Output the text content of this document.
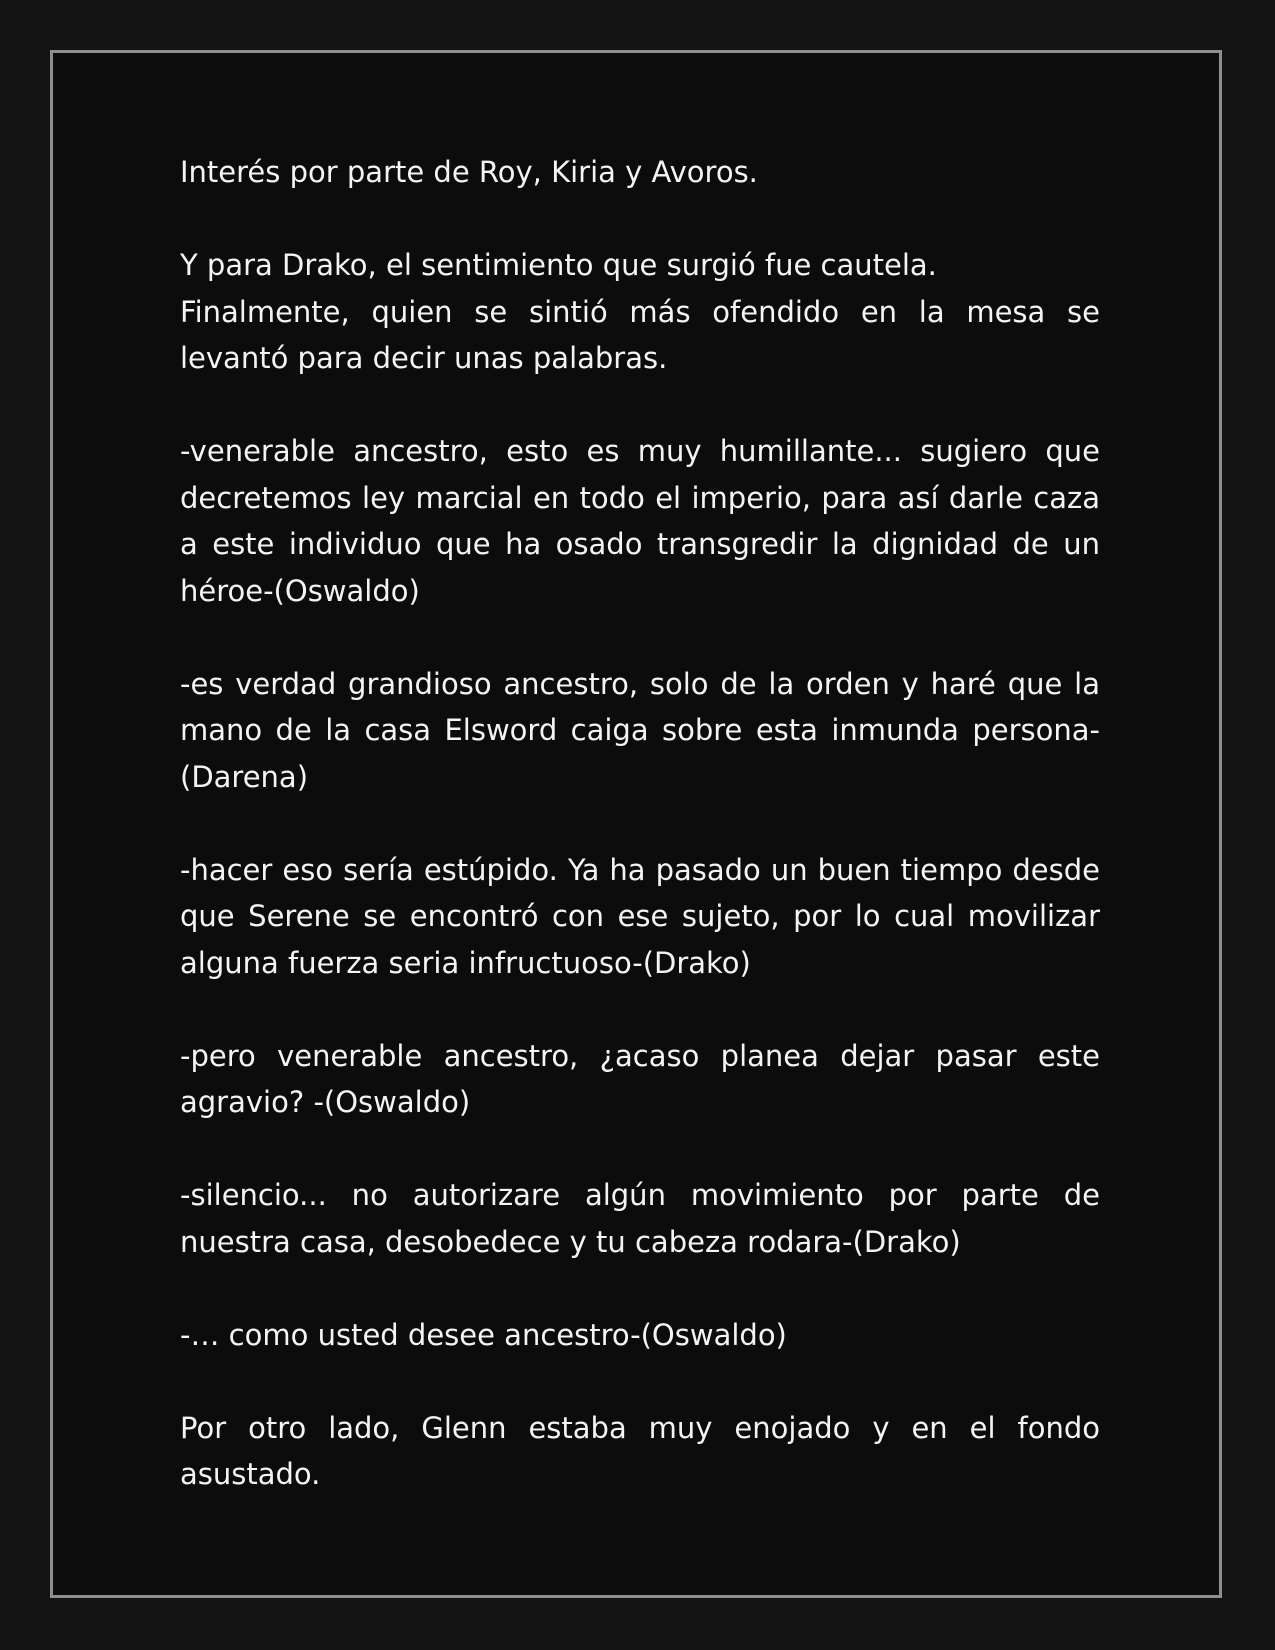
Interés por parte de Roy, Kiria y Avoros.

Y para Drako, el sentimiento que surgió fue cautela.

Finalmente, quien se sintió más ofendido en la mesa se levantó para decir unas palabras.

-venerable ancestro, esto es muy humillante... sugiero que decretemos ley marcial en todo el imperio, para así darle caza a este individuo que ha osado transgredir la dignidad de un héroe-(Oswaldo)

-es verdad grandioso ancestro, solo de la orden y haré que la mano de la casa Elsword caiga sobre esta inmunda persona-(Darena)

-hacer eso sería estúpido. Ya ha pasado un buen tiempo desde que Serene se encontró con ese sujeto, por lo cual movilizar alguna fuerza seria infructuoso-(Drako)

-pero venerable ancestro, ¿acaso planea dejar pasar este agravio? -(Oswaldo)

-silencio... no autorizare algún movimiento por parte de nuestra casa, desobedece y tu cabeza rodara-(Drako)

-… como usted desee ancestro-(Oswaldo)

Por otro lado, Glenn estaba muy enojado y en el fondo asustado.
